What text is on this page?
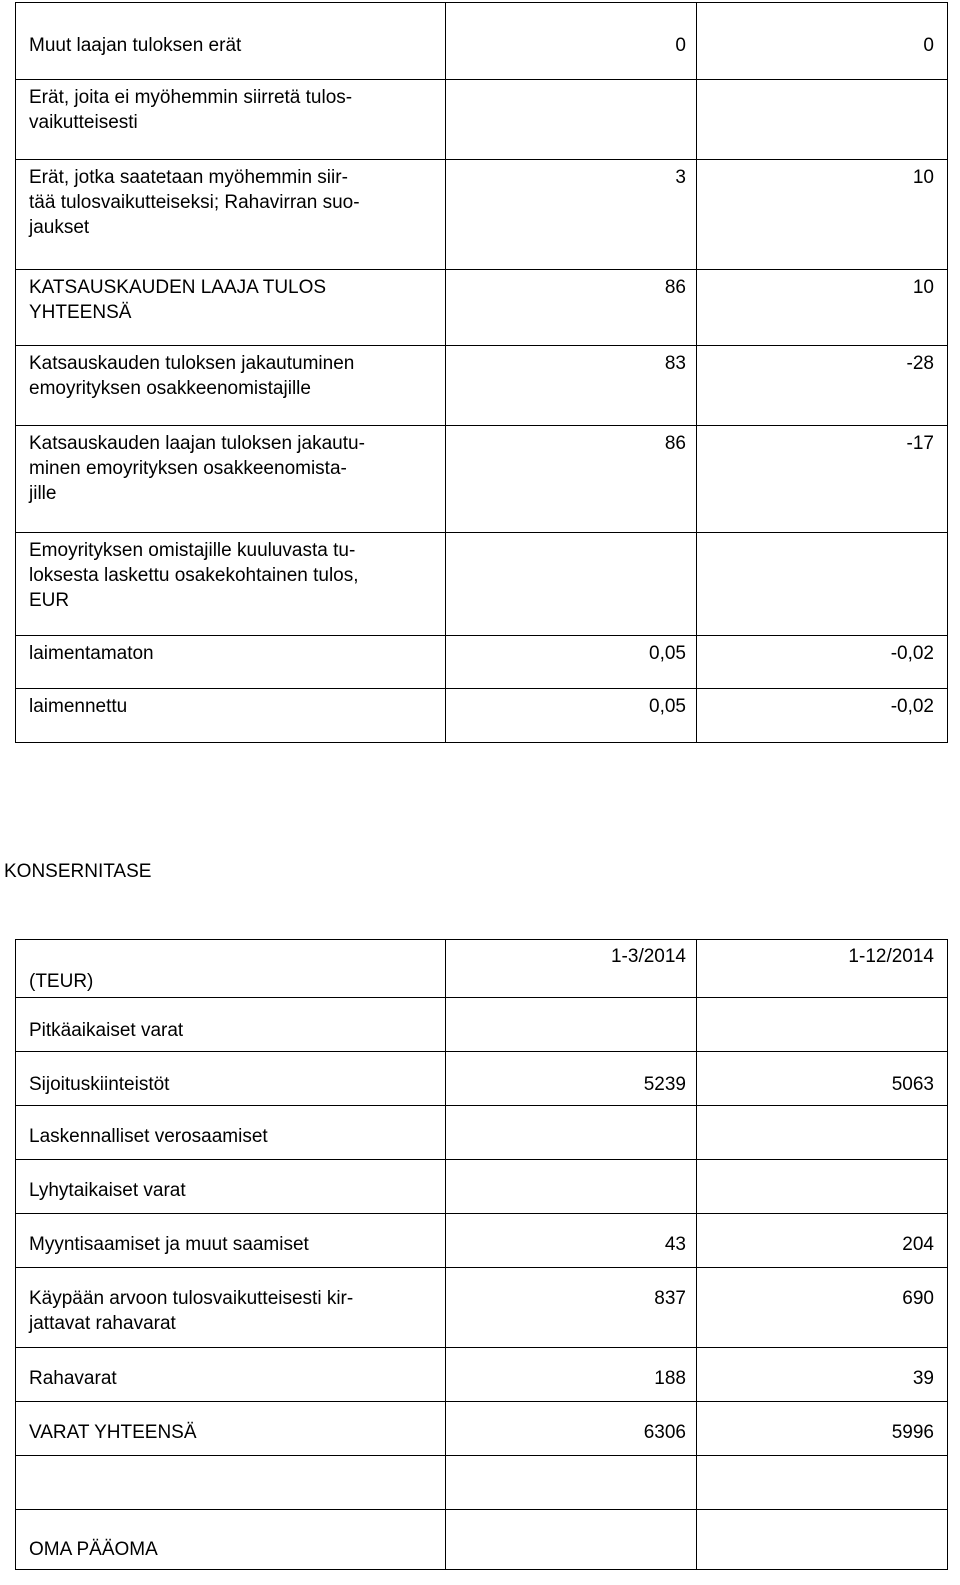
Muut laajan tuloksen erät	0	0
Erät, joita ei myöhemmin siirretä tulos-
vaikutteisesti		
Erät, jotka saatetaan myöhemmin siir-
tää tulosvaikutteiseksi; Rahavirran suo-
jaukset	3	10
KATSAUSKAUDEN LAAJA TULOS
YHTEENSÄ	86	10
Katsauskauden tuloksen jakautuminen
emoyrityksen osakkeenomistajille	83	-28
Katsauskauden laajan tuloksen jakautu-
minen emoyrityksen osakkeenomista-
jille	86	-17
Emoyrityksen omistajille kuuluvasta tu-
loksesta laskettu osakekohtainen tulos,
EUR		
laimentamaton	0,05	-0,02
laimennettu	0,05	-0,02
KONSERNITASE
(TEUR)	1-3/2014	1-12/2014
Pitkäaikaiset varat		
Sijoituskiinteistöt	5239	5063
Laskennalliset verosaamiset		
Lyhytaikaiset varat		
Myyntisaamiset ja muut saamiset	43	204
Käypään arvoon tulosvaikutteisesti kir-
jattavat rahavarat	837	690
Rahavarat	188	39
VARAT YHTEENSÄ	6306	5996

OMA PÄÄOMA		
